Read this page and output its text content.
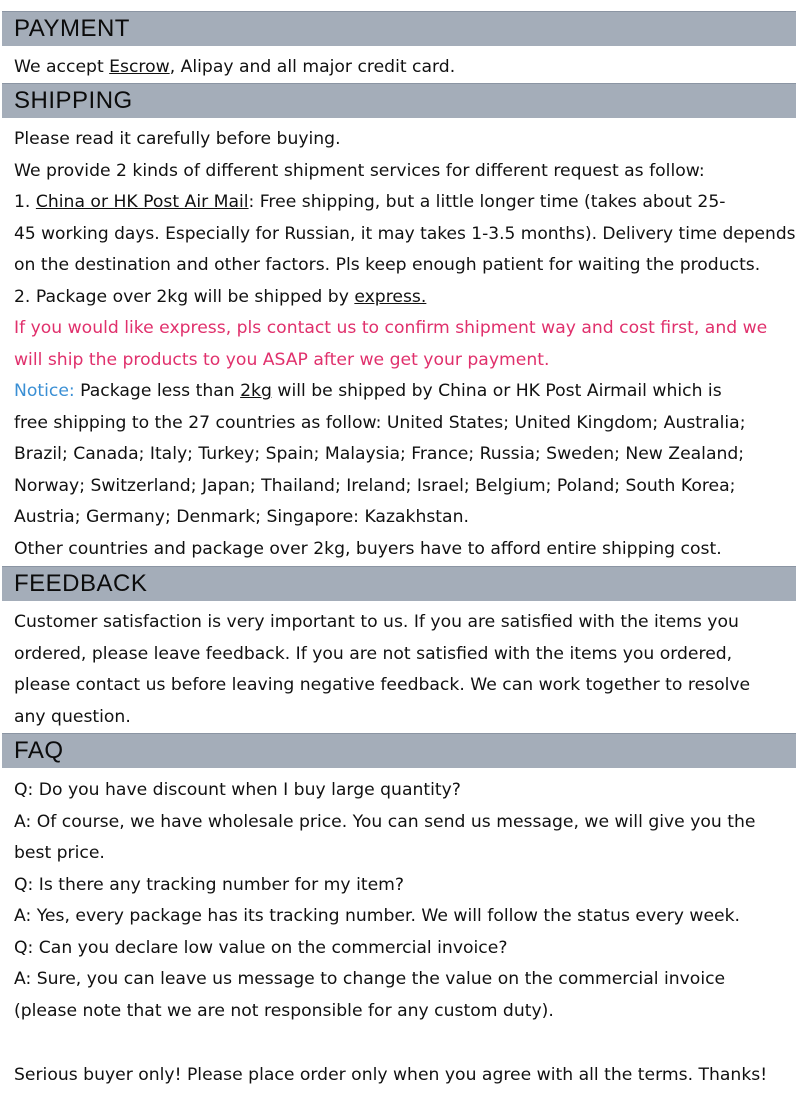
PAYMENT
We accept Escrow, Alipay and all major credit card.
SHIPPING
Please read it carefully before buying.
We provide 2 kinds of different shipment services for different request as follow:
1. China or HK Post Air Mail: Free shipping, but a little longer time (takes about 25-
45 working days. Especially for Russian, it may takes 1-3.5 months). Delivery time depends
on the destination and other factors. Pls keep enough patient for waiting the products.
2. Package over 2kg will be shipped by express.
If you would like express, pls contact us to confirm shipment way and cost first, and we
will ship the products to you ASAP after we get your payment.
Notice: Package less than 2kg will be shipped by China or HK Post Airmail which is
free shipping to the 27 countries as follow: United States; United Kingdom; Australia;
Brazil; Canada; Italy; Turkey; Spain; Malaysia; France; Russia; Sweden; New Zealand;
Norway; Switzerland; Japan; Thailand; Ireland; Israel; Belgium; Poland; South Korea;
Austria; Germany; Denmark; Singapore: Kazakhstan.
Other countries and package over 2kg, buyers have to afford entire shipping cost.
FEEDBACK
Customer satisfaction is very important to us. If you are satisfied with the items you
ordered, please leave feedback. If you are not satisfied with the items you ordered,
please contact us before leaving negative feedback. We can work together to resolve
any question.
FAQ
Q: Do you have discount when I buy large quantity?
A: Of course, we have wholesale price. You can send us message, we will give you the
best price.
Q: Is there any tracking number for my item?
A: Yes, every package has its tracking number. We will follow the status every week.
Q: Can you declare low value on the commercial invoice?
A: Sure, you can leave us message to change the value on the commercial invoice
(please note that we are not responsible for any custom duty).
Serious buyer only! Please place order only when you agree with all the terms. Thanks!
